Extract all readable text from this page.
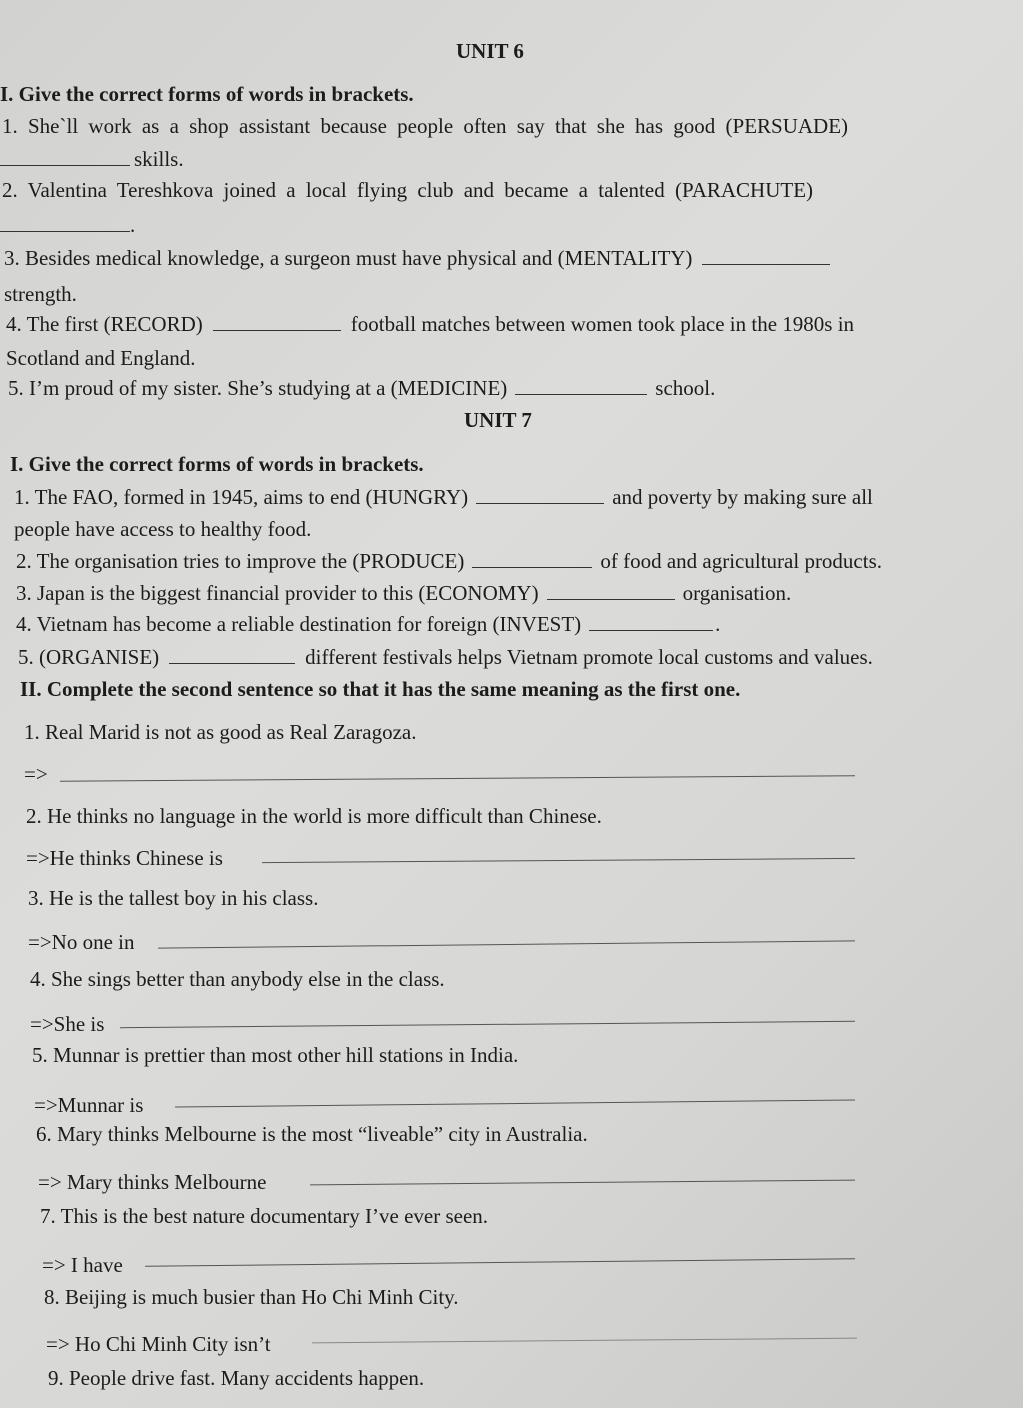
UNIT 6
I. Give the correct forms of words in brackets.
1. She`ll work as a shop assistant because people often say that she has good (PERSUADE)
skills.
2. Valentina Tereshkova joined a local flying club and became a talented (PARACHUTE)
.
3. Besides medical knowledge, a surgeon must have physical and (MENTALITY)
strength.
4. The first (RECORD)	football matches between women took place in the 1980s in
Scotland and England.
5. I’m proud of my sister. She’s studying at a (MEDICINE)	school.
UNIT 7
I. Give the correct forms of words in brackets.
1. The FAO, formed in 1945, aims to end (HUNGRY)	and poverty by making sure all
people have access to healthy food.
2. The organisation tries to improve the (PRODUCE)	of food and agricultural products.
3. Japan is the biggest financial provider to this (ECONOMY)	organisation.
4. Vietnam has become a reliable destination for foreign (INVEST)	.
5. (ORGANISE)	different festivals helps Vietnam promote local customs and values.
II. Complete the second sentence so that it has the same meaning as the first one.
1. Real Marid is not as good as Real Zaragoza.
=>
2. He thinks no language in the world is more difficult than Chinese.
=>He thinks Chinese is
3. He is the tallest boy in his class.
=>No one in
4. She sings better than anybody else in the class.
=>She is
5. Munnar is prettier than most other hill stations in India.
=>Munnar is
6. Mary thinks Melbourne is the most “liveable” city in Australia.
=> Mary thinks Melbourne
7. This is the best nature documentary I’ve ever seen.
=> I have
8. Beijing is much busier than Ho Chi Minh City.
=> Ho Chi Minh City isn’t
9. People drive fast. Many accidents happen.
